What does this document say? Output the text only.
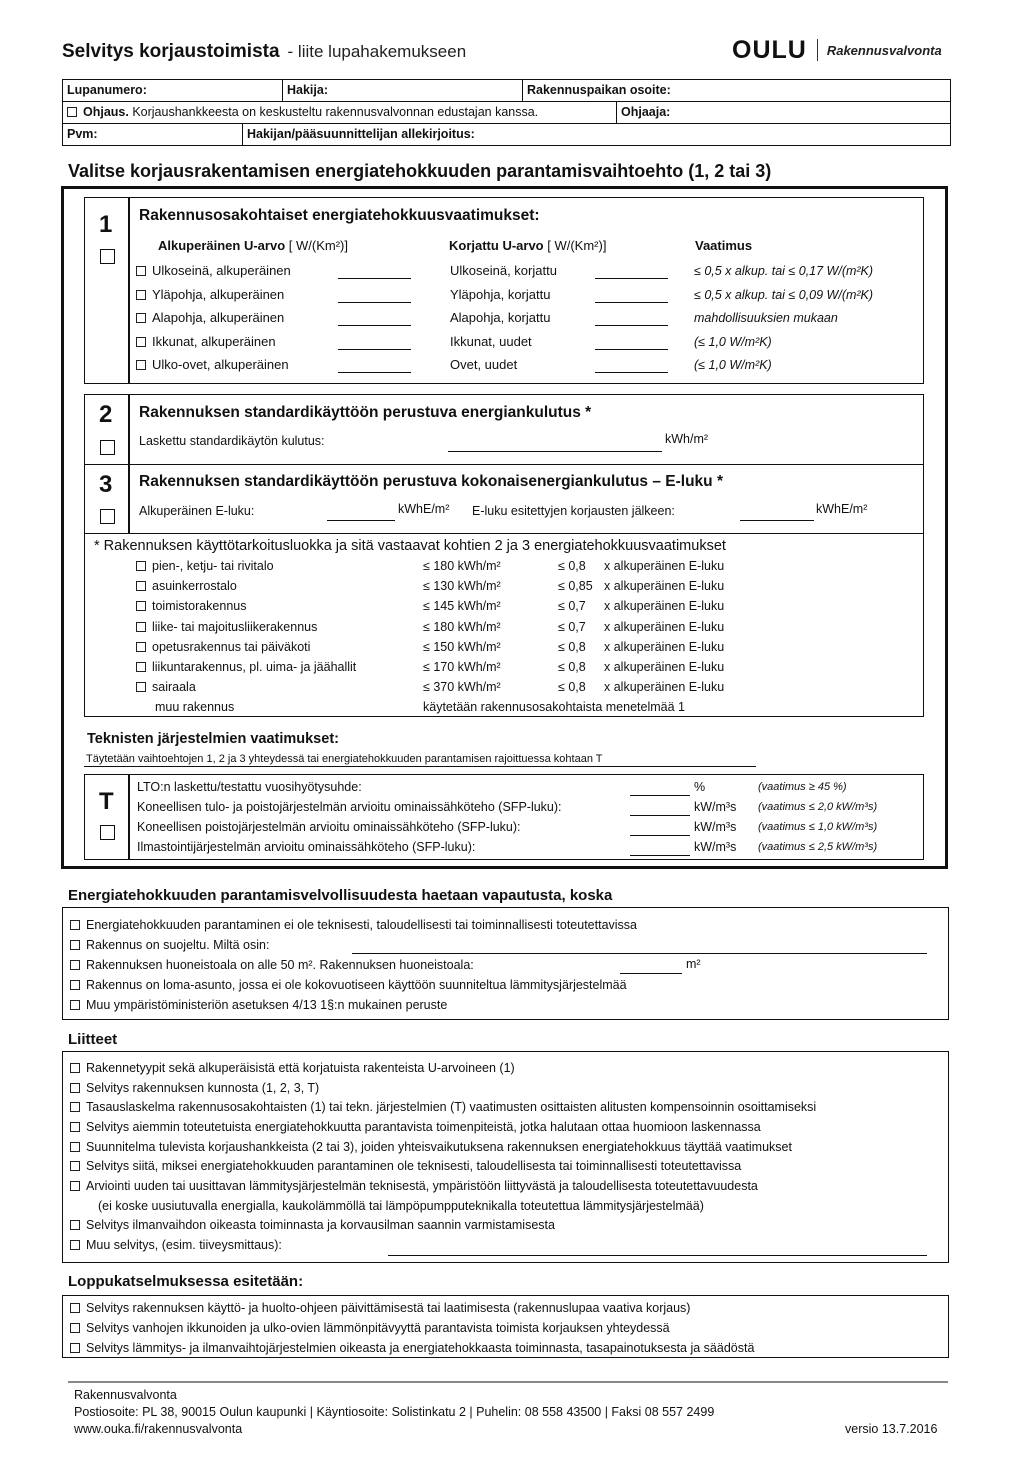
Selvitys korjaustoimista - liite lupahakemukseen	OULU Rakennusvalvonta
Lupanumero:	Hakija:	Rakennuspaikan osoite:
Ohjaus. Korjaushankkeesta on keskusteltu rakennusvalvonnan edustajan kanssa.	Ohjaaja:
Pvm:	Hakijan/pääsuunnittelijan allekirjoitus:
Valitse korjausrakentamisen energiatehokkuuden parantamisvaihtoehto (1, 2 tai 3)
1 Rakennusosakohtaiset energiatehokkuusvaatimukset:
Alkuperäinen U-arvo [ W/(Km²)]	Korjattu U-arvo [ W/(Km²)]	Vaatimus
Ulkoseinä, alkuperäinen	Ulkoseinä, korjattu	≤ 0,5 x alkup. tai ≤ 0,17 W/(m²K)
Yläpohja, alkuperäinen	Yläpohja, korjattu	≤ 0,5 x alkup. tai ≤ 0,09 W/(m²K)
Alapohja, alkuperäinen	Alapohja, korjattu	mahdollisuuksien mukaan
Ikkunat, alkuperäinen	Ikkunat, uudet	(≤ 1,0 W/m²K)
Ulko-ovet, alkuperäinen	Ovet, uudet	(≤ 1,0 W/m²K)
2 Rakennuksen standardikäyttöön perustuva energiankulutus *
Laskettu standardikäytön kulutus:	kWh/m²
3 Rakennuksen standardikäyttöön perustuva kokonaisenergiankulutus – E-luku *
Alkuperäinen E-luku:	kWhE/m² E-luku esitettyjen korjausten jälkeen:	kWhE/m²
* Rakennuksen käyttötarkoitusluokka ja sitä vastaavat kohtien 2 ja 3 energiatehokkuusvaatimukset
pien-, ketju- tai rivitalo	≤ 180 kWh/m²	≤ 0,8 x alkuperäinen E-luku
asuinkerrostalo	≤ 130 kWh/m²	≤ 0,85 x alkuperäinen E-luku
toimistorakennus	≤ 145 kWh/m²	≤ 0,7 x alkuperäinen E-luku
liike- tai majoitusliikerakennus	≤ 180 kWh/m²	≤ 0,7 x alkuperäinen E-luku
opetusrakennus tai päiväkoti	≤ 150 kWh/m²	≤ 0,8 x alkuperäinen E-luku
liikuntarakennus, pl. uima- ja jäähallit	≤ 170 kWh/m²	≤ 0,8 x alkuperäinen E-luku
sairaala	≤ 370 kWh/m²	≤ 0,8 x alkuperäinen E-luku
muu rakennus	käytetään rakennusosakohtaista menetelmää 1
Teknisten järjestelmien vaatimukset:
Täytetään vaihtoehtojen 1, 2 ja 3 yhteydessä tai energiatehokkuuden parantamisen rajoittuessa kohtaan T
T
LTO:n laskettu/testattu vuosihyötysuhde:	%	(vaatimus ≥ 45 %)
Koneellisen tulo- ja poistojärjestelmän arvioitu ominaissähköteho (SFP-luku):	kW/m³s (vaatimus ≤ 2,0 kW/m³s)
Koneellisen poistojärjestelmän arvioitu ominaissähköteho (SFP-luku):	kW/m³s (vaatimus ≤ 1,0 kW/m³s)
Ilmastointijärjestelmän arvioitu ominaissähköteho (SFP-luku):	kW/m³s (vaatimus ≤ 2,5 kW/m³s)
Energiatehokkuuden parantamisvelvollisuudesta haetaan vapautusta, koska
Energiatehokkuuden parantaminen ei ole teknisesti, taloudellisesti tai toiminnallisesti toteutettavissa
Rakennus on suojeltu. Miltä osin:
Rakennuksen huoneistoala on alle 50 m². Rakennuksen huoneistoala:
Rakennus on loma-asunto, jossa ei ole kokovuotiseen käyttöön suunniteltua lämmitysjärjestelmää
Muu ympäristöministeriön asetuksen 4/13 1§:n mukainen peruste
m²
Liitteet
Rakennetyypit sekä alkuperäisistä että korjatuista rakenteista U-arvoineen (1)
Selvitys rakennuksen kunnosta (1, 2, 3, T)
Tasauslaskelma rakennusosakohtaisten (1) tai tekn. järjestelmien (T) vaatimusten osittaisten alitusten kompensoinnin osoittamiseksi
Selvitys aiemmin toteutetuista energiatehokkuutta parantavista toimenpiteistä, jotka halutaan ottaa huomioon laskennassa
Suunnitelma tulevista korjaushankkeista (2 tai 3), joiden yhteisvaikutuksena rakennuksen energiatehokkuus täyttää vaatimukset
Selvitys siitä, miksei energiatehokkuuden parantaminen ole teknisesti, taloudellisesta tai toiminnallisesti toteutettavissa
Arviointi uuden tai uusittavan lämmitysjärjestelmän teknisestä, ympäristöön liittyvästä ja taloudellisesta toteutettavuudesta
Selvitys ilmanvaihdon oikeasta toiminnasta ja korvausilman saannin varmistamisesta
Muu selvitys, (esim. tiiveysmittaus):
(ei koske uusiutuvalla energialla, kaukolämmöllä tai lämpöpumpputeknikalla toteutettua lämmitysjärjestelmää)
Loppukatselmuksessa esitetään:
Selvitys rakennuksen käyttö- ja huolto-ohjeen päivittämisestä tai laatimisesta (rakennuslupaa vaativa korjaus)
Selvitys vanhojen ikkunoiden ja ulko-ovien lämmönpitävyyttä parantavista toimista korjauksen yhteydessä
Selvitys lämmitys- ja ilmanvaihtojärjestelmien oikeasta ja energiatehokkaasta toiminnasta, tasapainotuksesta ja säädöstä
Rakennusvalvonta
Postiosoite: PL 38, 90015 Oulun kaupunki | Käyntiosoite: Solistinkatu 2 | Puhelin: 08 558 43500 | Faksi 08 557 2499
www.ouka.fi/rakennusvalvonta	versio 13.7.2016
